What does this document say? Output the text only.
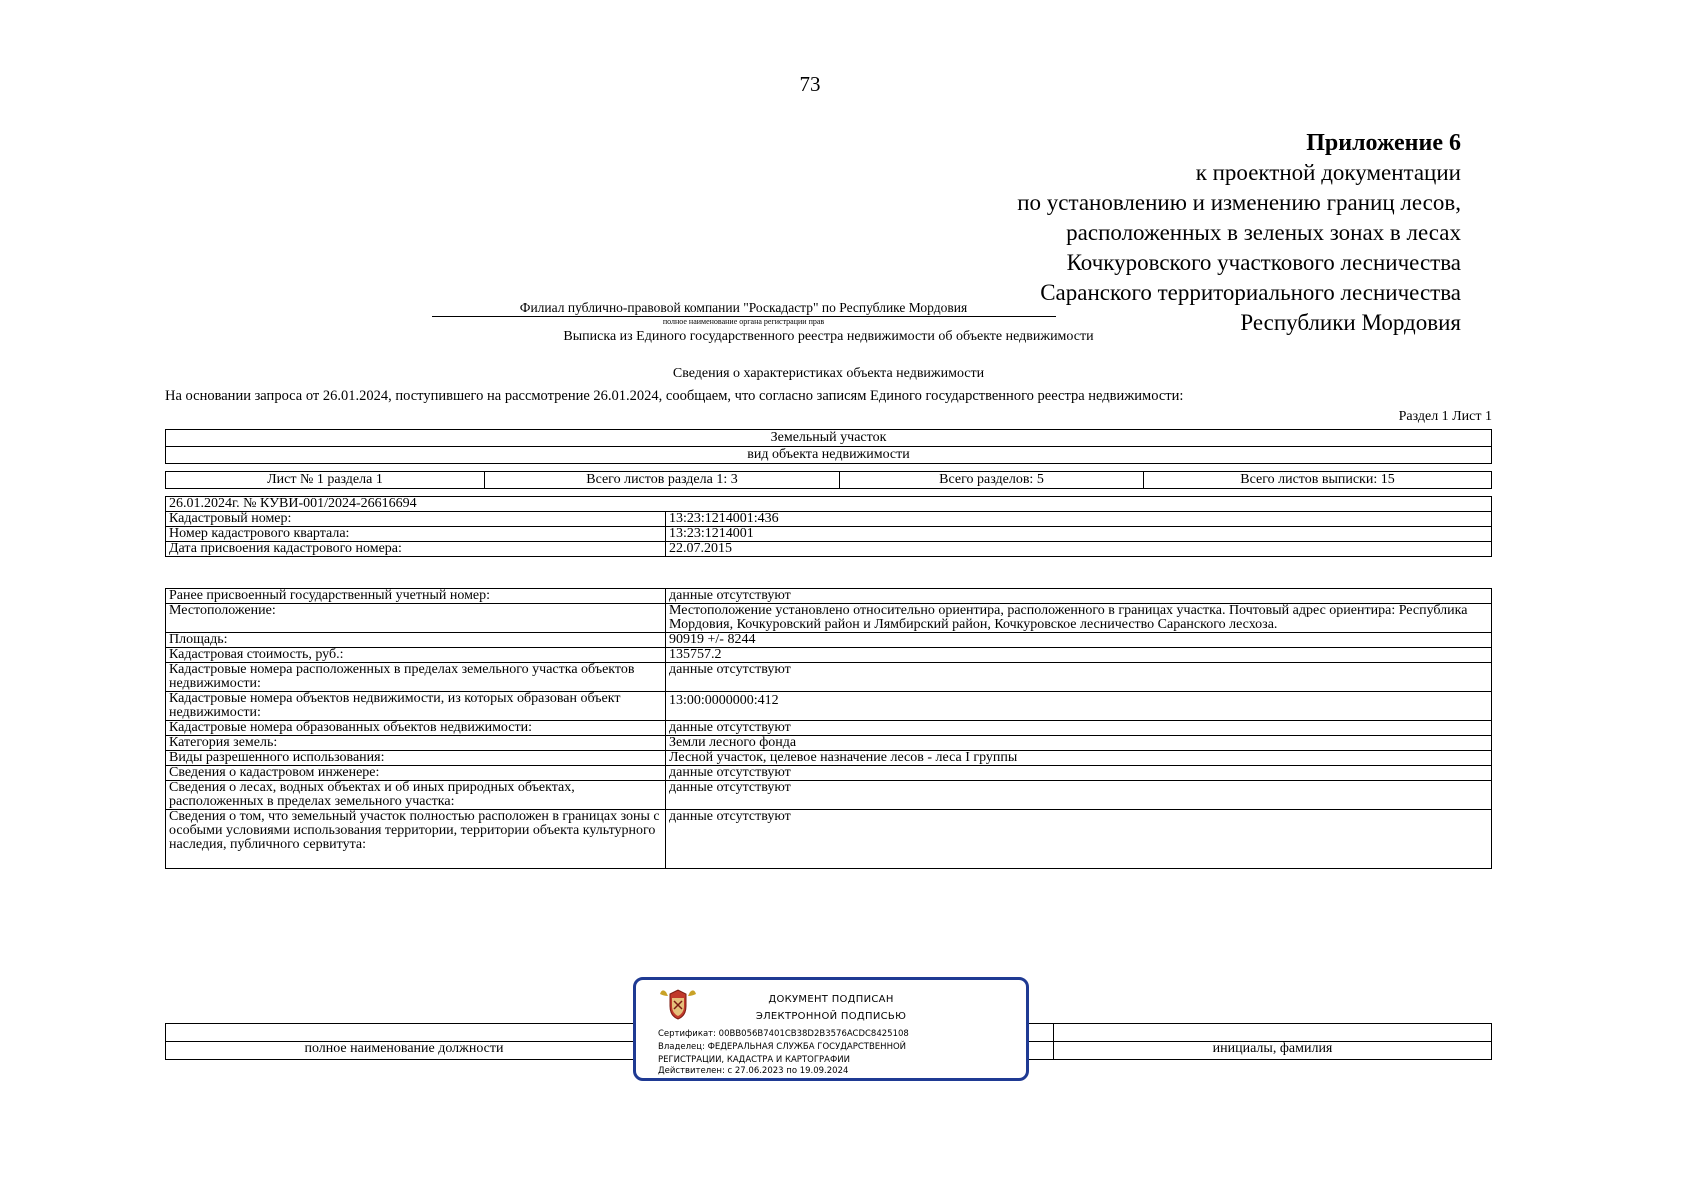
73
Приложение 6
к проектной документации
по установлению и изменению границ лесов,
расположенных в зеленых зонах в лесах
Кочкуровского участкового лесничества
Саранского территориального лесничества
Республики Мордовия
Филиал публично-правовой компании "Роскадастр" по Республике Мордовия
полное наименование органа регистрации прав
Выписка из Единого государственного реестра недвижимости об объекте недвижимости
Сведения о характеристиках объекта недвижимости
На основании запроса от 26.01.2024, поступившего на рассмотрение 26.01.2024, сообщаем, что согласно записям Единого государственного реестра недвижимости:
Раздел 1 Лист 1
Земельный участок
вид объекта недвижимости
Лист № 1 раздела 1	Всего листов раздела 1: 3	Всего разделов: 5	Всего листов выписки: 15
26.01.2024г. № КУВИ-001/2024-26616694	
Кадастровый номер:	13:23:1214001:436
Номер кадастрового квартала:	13:23:1214001
Дата присвоения кадастрового номера:	22.07.2015
Ранее присвоенный государственный учетный номер:	данные отсутствуют
Местоположение:	Местоположение установлено относительно ориентира, расположенного в границах участка. Почтовый адрес ориентира: Республика Мордовия, Кочкуровский район и Лямбирский район, Кочкуровское лесничество Саранского лесхоза.
Площадь:	90919 +/- 8244
Кадастровая стоимость, руб.:	135757.2
Кадастровые номера расположенных в пределах земельного участка объектов недвижимости:	данные отсутствуют
Кадастровые номера объектов недвижимости, из которых образован объект недвижимости:	13:00:0000000:412
Кадастровые номера образованных объектов недвижимости:	данные отсутствуют
Категория земель:	Земли лесного фонда
Виды разрешенного использования:	Лесной участок, целевое назначение лесов - леса I группы
Сведения о кадастровом инженере:	данные отсутствуют
Сведения о лесах, водных объектах и об иных природных объектах, расположенных в пределах земельного участка:	данные отсутствуют
Сведения о том, что земельный участок полностью расположен в границах зоны с особыми условиями использования территории, территории объекта культурного наследия, публичного сервитута:	данные отсутствуют

полное наименование должности		инициалы, фамилия
ДОКУМЕНТ ПОДПИСАН
ЭЛЕКТРОННОЙ ПОДПИСЬЮ
Сертификат: 00BB056B7401CB38D2B3576ACDC8425108
Владелец: ФЕДЕРАЛЬНАЯ СЛУЖБА ГОСУДАРСТВЕННОЙ
РЕГИСТРАЦИИ, КАДАСТРА И КАРТОГРАФИИ
Действителен: с 27.06.2023 по 19.09.2024
